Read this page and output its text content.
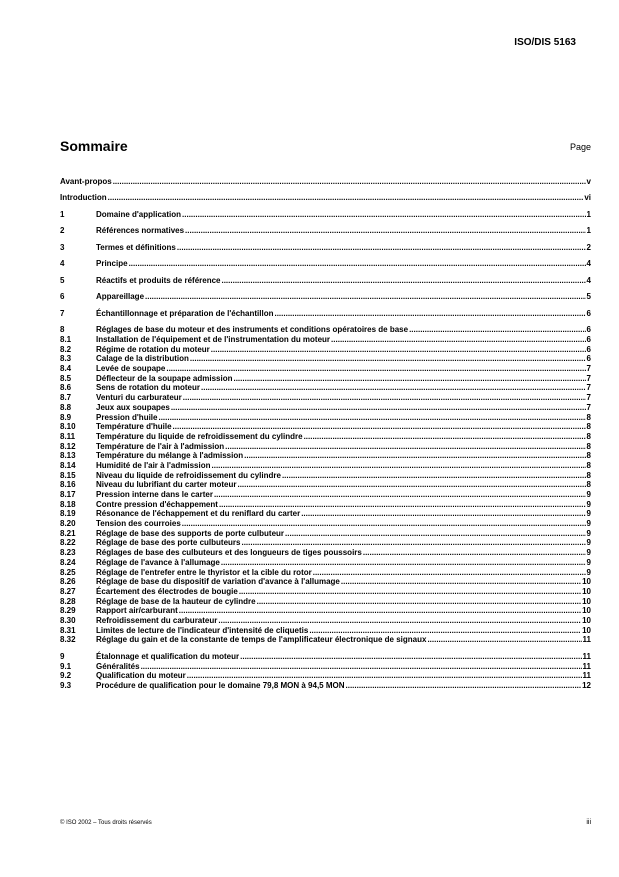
ISO/DIS 5163
Sommaire	Page
Avant-propos .....	v
Introduction .....	vi
1	Domaine d'application .....	1
2	Références normatives .....	1
3	Termes et définitions .....	2
4	Principe .....	4
5	Réactifs et produits de référence .....	4
6	Appareillage .....	5
7	Échantillonnage et préparation de l'échantillon .....	6
8	Réglages de base du moteur et des instruments et conditions opératoires de base .....	6
8.1	Installation de l'équipement et de l'instrumentation du moteur .....	6
8.2	Régime de rotation du moteur .....	6
8.3	Calage de la distribution .....	6
8.4	Levée de soupape .....	7
8.5	Déflecteur de la soupape admission .....	7
8.6	Sens de rotation du moteur .....	7
8.7	Venturi du carburateur .....	7
8.8	Jeux aux soupapes .....	7
8.9	Pression d'huile .....	8
8.10	Température d'huile .....	8
8.11	Température du liquide de refroidissement du cylindre .....	8
8.12	Température de l'air à l'admission .....	8
8.13	Température du mélange à l'admission .....	8
8.14	Humidité de l'air à l'admission .....	8
8.15	Niveau du liquide de refroidissement du cylindre .....	8
8.16	Niveau du lubrifiant du carter moteur .....	8
8.17	Pression interne dans le carter .....	9
8.18	Contre pression d'échappement .....	9
8.19	Résonance de l'échappement et du reniflard du carter .....	9
8.20	Tension des courroies .....	9
8.21	Réglage de base des supports de porte culbuteur .....	9
8.22	Réglage de base des porte culbuteurs .....	9
8.23	Réglages de base des culbuteurs et des longueurs de tiges poussoirs .....	9
8.24	Réglage de l'avance à l'allumage .....	9
8.25	Réglage de l'entrefer entre le thyristor et la cible du rotor .....	9
8.26	Réglage de base du dispositif de variation d'avance à l'allumage .....	10
8.27	Écartement des électrodes de bougie .....	10
8.28	Réglage de base de la hauteur de cylindre .....	10
8.29	Rapport air/carburant .....	10
8.30	Refroidissement du carburateur .....	10
8.31	Limites de lecture de l'indicateur d'intensité de cliquetis .....	10
8.32	Réglage du gain et de la constante de temps de l'amplificateur électronique de signaux .....	11
9	Étalonnage et qualification du moteur .....	11
9.1	Généralités .....	11
9.2	Qualification du moteur .....	11
9.3	Procédure de qualification pour le domaine 79,8 MON à 94,5 MON .....	12
© ISO 2002 – Tous droits réservés	iii
